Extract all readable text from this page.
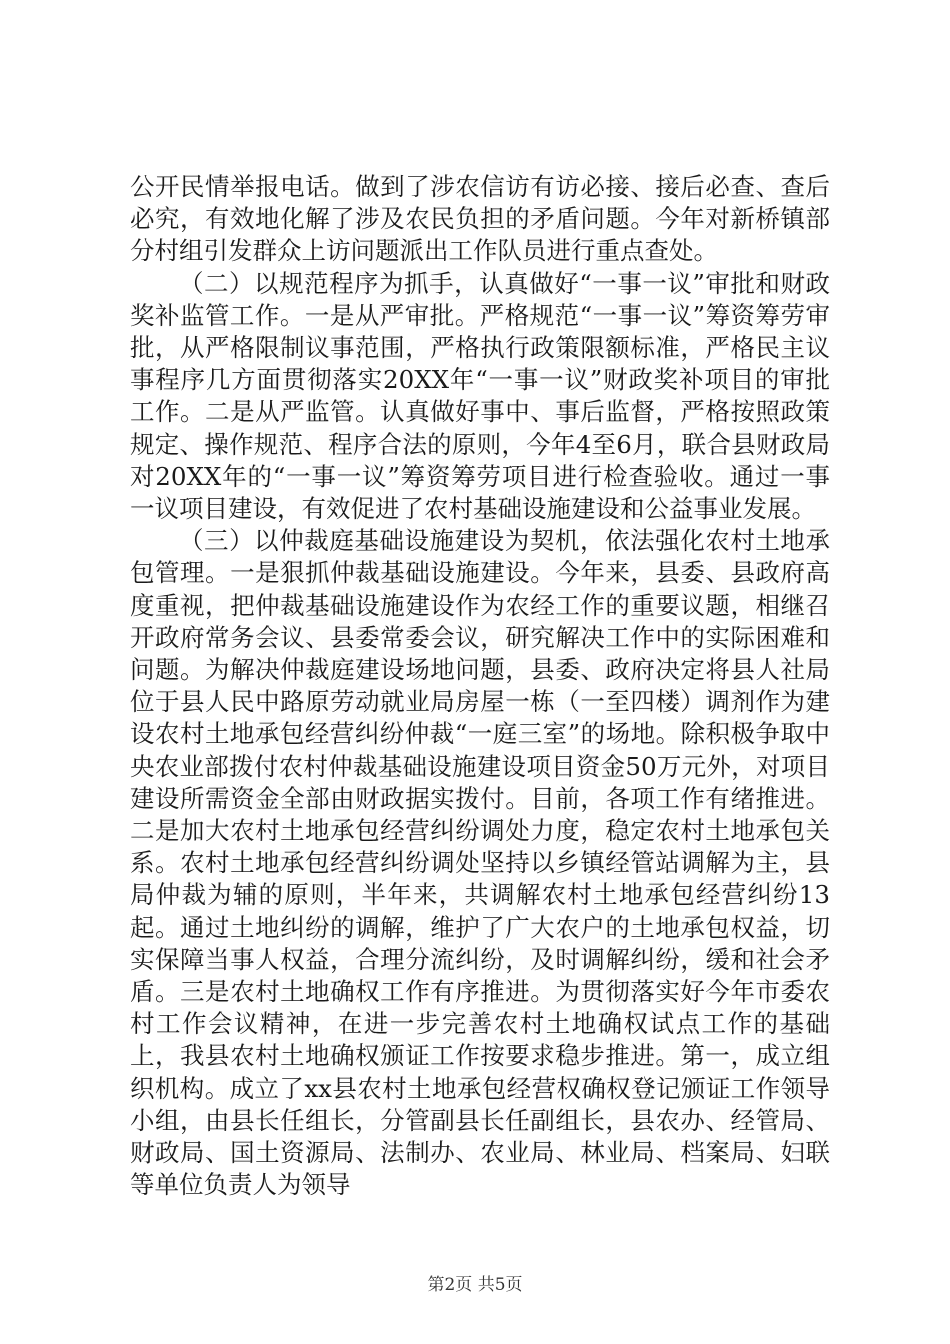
公开民情举报电话。做到了涉农信访有访必接、接后必查、查后必究，有效地化解了涉及农民负担的矛盾问题。今年对新桥镇部分村组引发群众上访问题派出工作队员进行重点查处。

（二）以规范程序为抓手，认真做好“一事一议”审批和财政奖补监管工作。一是从严审批。严格规范“一事一议”筹资筹劳审批，从严格限制议事范围，严格执行政策限额标准，严格民主议事程序几方面贯彻落实20XX年“一事一议”财政奖补项目的审批工作。二是从严监管。认真做好事中、事后监督，严格按照政策规定、操作规范、程序合法的原则，今年4至6月，联合县财政局对20XX年的“一事一议”筹资筹劳项目进行检查验收。通过一事一议项目建设，有效促进了农村基础设施建设和公益事业发展。

（三）以仲裁庭基础设施建设为契机，依法强化农村土地承包管理。一是狠抓仲裁基础设施建设。今年来，县委、县政府高度重视，把仲裁基础设施建设作为农经工作的重要议题，相继召开政府常务会议、县委常委会议，研究解决工作中的实际困难和问题。为解决仲裁庭建设场地问题，县委、政府决定将县人社局位于县人民中路原劳动就业局房屋一栋（一至四楼）调剂作为建设农村土地承包经营纠纷仲裁“一庭三室”的场地。除积极争取中央农业部拨付农村仲裁基础设施建设项目资金50万元外，对项目建设所需资金全部由财政据实拨付。目前，各项工作有绪推进。二是加大农村土地承包经营纠纷调处力度，稳定农村土地承包关系。农村土地承包经营纠纷调处坚持以乡镇经管站调解为主，县局仲裁为辅的原则，半年来，共调解农村土地承包经营纠纷13起。通过土地纠纷的调解，维护了广大农户的土地承包权益，切实保障当事人权益，合理分流纠纷，及时调解纠纷，缓和社会矛盾。三是农村土地确权工作有序推进。为贯彻落实好今年市委农村工作会议精神，在进一步完善农村土地确权试点工作的基础上，我县农村土地确权颁证工作按要求稳步推进。第一，成立组织机构。成立了xx县农村土地承包经营权确权登记颁证工作领导小组，由县长任组长，分管副县长任副组长，县农办、经管局、财政局、国土资源局、法制办、农业局、林业局、档案局、妇联等单位负责人为领导

第2页 共5页
